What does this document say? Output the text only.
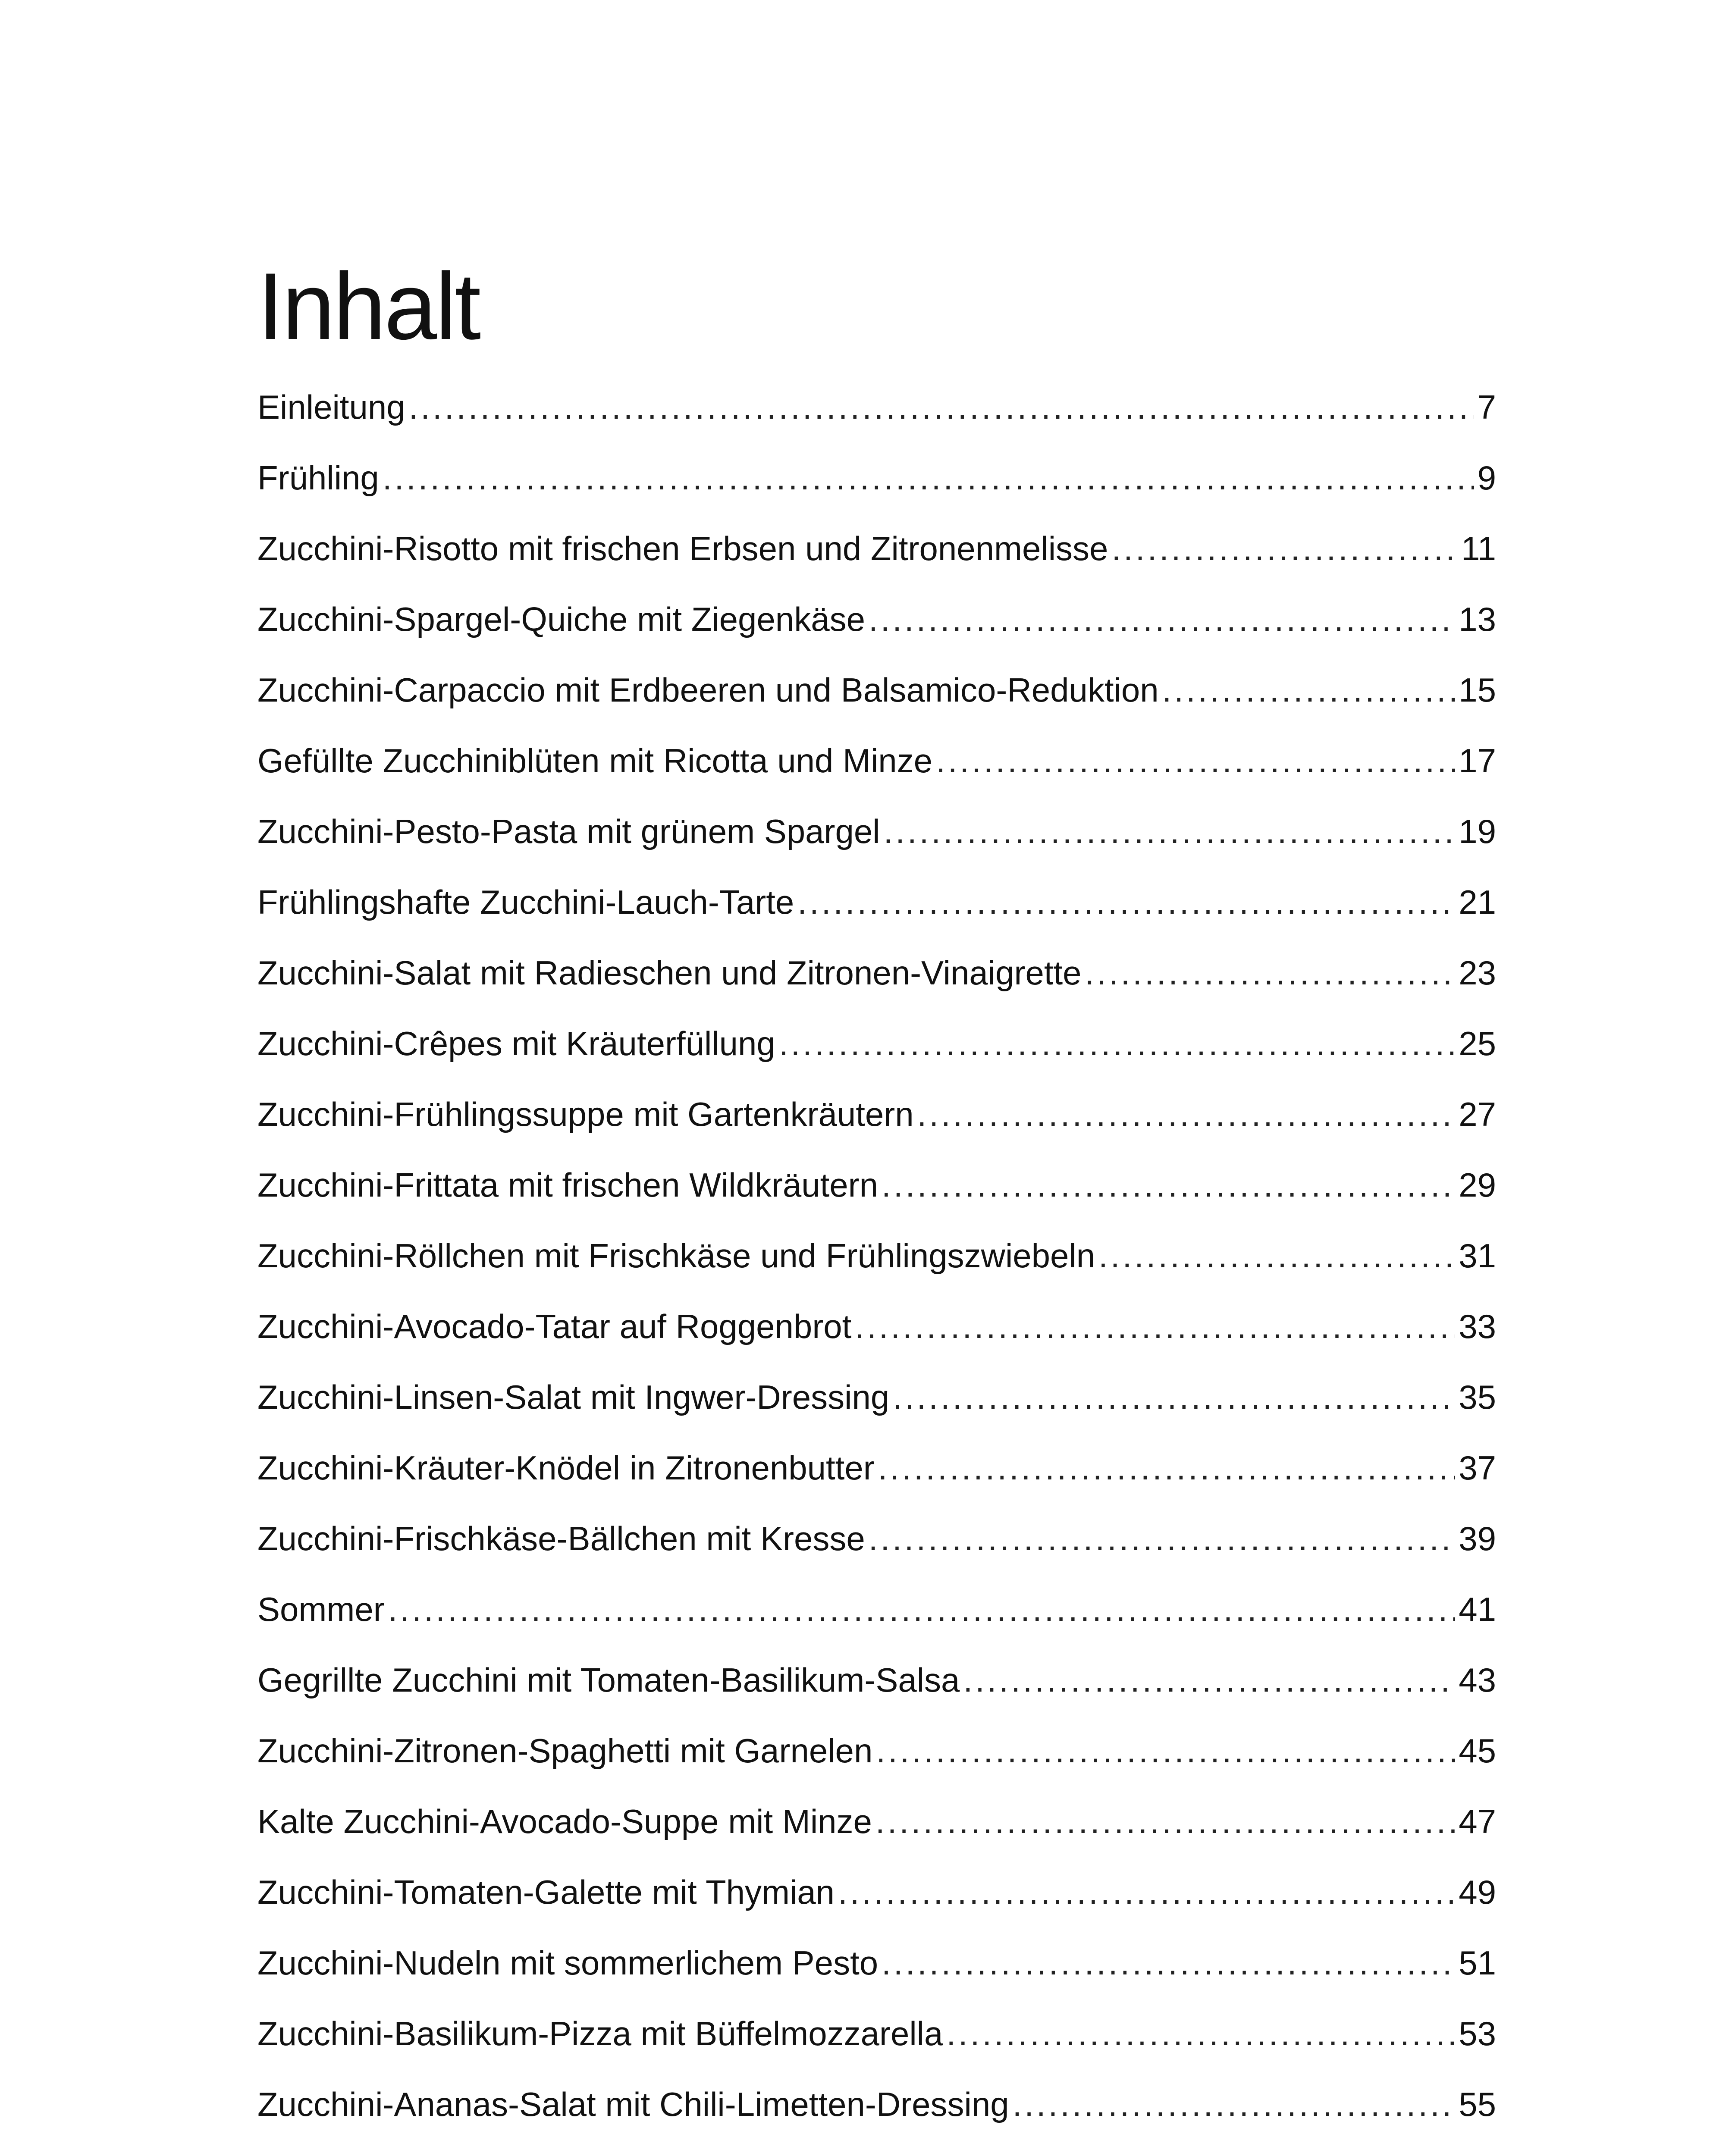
Inhalt
Einleitung .....	7
Frühling .....	9
Zucchini-Risotto mit frischen Erbsen und Zitronenmelisse .....	11
Zucchini-Spargel-Quiche mit Ziegenkäse .....	13
Zucchini-Carpaccio mit Erdbeeren und Balsamico-Reduktion .....	15
Gefüllte Zucchiniblüten mit Ricotta und Minze .....	17
Zucchini-Pesto-Pasta mit grünem Spargel .....	19
Frühlingshafte Zucchini-Lauch-Tarte .....	21
Zucchini-Salat mit Radieschen und Zitronen-Vinaigrette .....	23
Zucchini-Crêpes mit Kräuterfüllung .....	25
Zucchini-Frühlingssuppe mit Gartenkräutern .....	27
Zucchini-Frittata mit frischen Wildkräutern .....	29
Zucchini-Röllchen mit Frischkäse und Frühlingszwiebeln .....	31
Zucchini-Avocado-Tatar auf Roggenbrot .....	33
Zucchini-Linsen-Salat mit Ingwer-Dressing .....	35
Zucchini-Kräuter-Knödel in Zitronenbutter .....	37
Zucchini-Frischkäse-Bällchen mit Kresse .....	39
Sommer .....	41
Gegrillte Zucchini mit Tomaten-Basilikum-Salsa .....	43
Zucchini-Zitronen-Spaghetti mit Garnelen .....	45
Kalte Zucchini-Avocado-Suppe mit Minze .....	47
Zucchini-Tomaten-Galette mit Thymian .....	49
Zucchini-Nudeln mit sommerlichem Pesto .....	51
Zucchini-Basilikum-Pizza mit Büffelmozzarella .....	53
Zucchini-Ananas-Salat mit Chili-Limetten-Dressing .....	55
